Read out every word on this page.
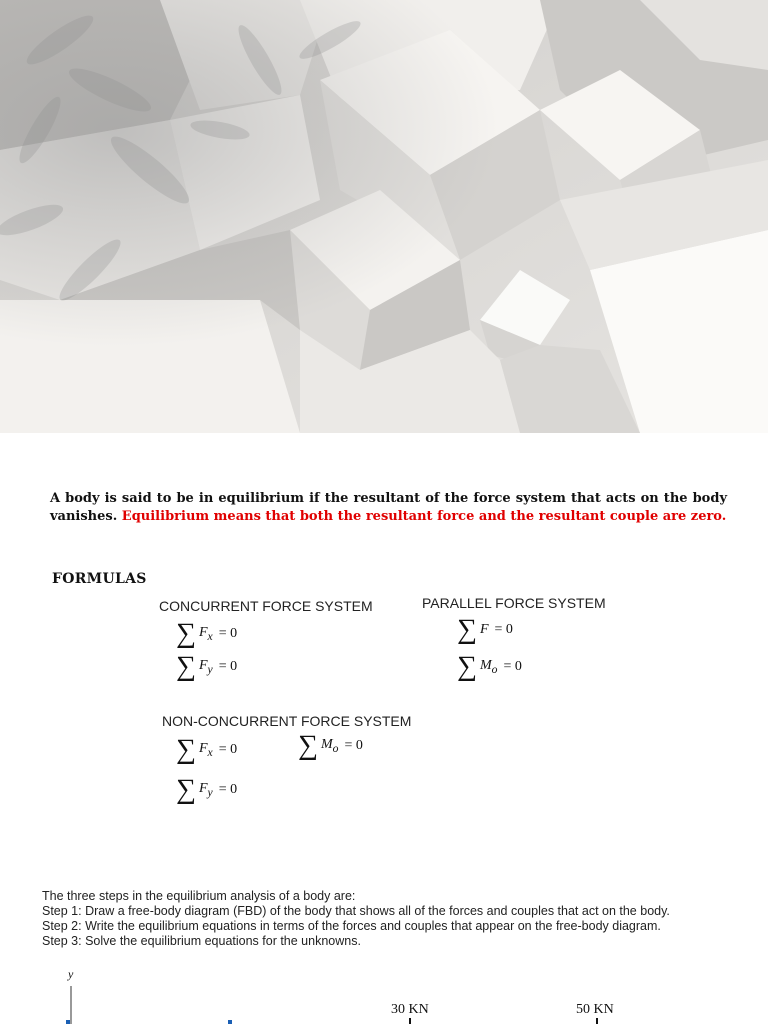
A body is said to be in equilibrium if the resultant of the force system that acts on the body vanishes. Equilibrium means that both the resultant force and the resultant couple are zero.
FORMULAS
CONCURRENT FORCE SYSTEM
∑ $F_x = 0$
∑ $F_y = 0$
PARALLEL FORCE SYSTEM
∑ F = 0
∑ $M_o = 0$
NON-CONCURRENT FORCE SYSTEM
∑ $F_x = 0$ ∑ $M_o = 0$
∑ $F_y = 0$
The three steps in the equilibrium analysis of a body are:
Step 1: Draw a free-body diagram (FBD) of the body that shows all of the forces and couples that act on the body.
Step 2: Write the equilibrium equations in terms of the forces and couples that appear on the free-body diagram.
Step 3: Solve the equilibrium equations for the unknowns.
y
30 KN	50 KN
